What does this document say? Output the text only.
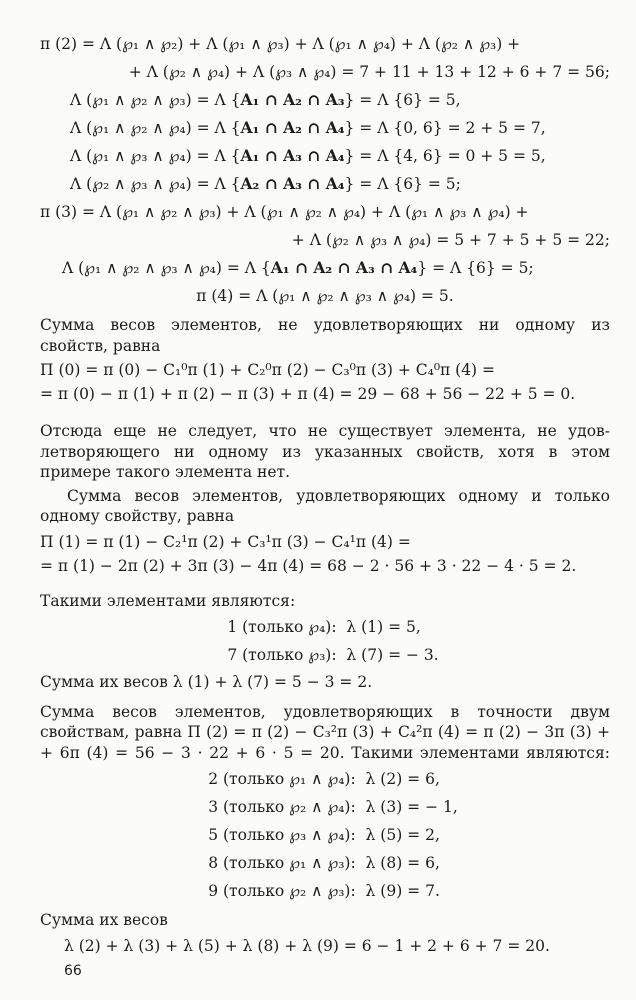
π (2) = Λ (℘₁ ∧ ℘₂) + Λ (℘₁ ∧ ℘₃) + Λ (℘₁ ∧ ℘₄) + Λ (℘₂ ∧ ℘₃) +
+ Λ (℘₂ ∧ ℘₄) + Λ (℘₃ ∧ ℘₄) = 7 + 11 + 13 + 12 + 6 + 7 = 56;
Λ (℘₁ ∧ ℘₂ ∧ ℘₃) = Λ {A₁ ∩ A₂ ∩ A₃} = Λ {6} = 5,
Λ (℘₁ ∧ ℘₂ ∧ ℘₄) = Λ {A₁ ∩ A₂ ∩ A₄} = Λ {0, 6} = 2 + 5 = 7,
Λ (℘₁ ∧ ℘₃ ∧ ℘₄) = Λ {A₁ ∩ A₃ ∩ A₄} = Λ {4, 6} = 0 + 5 = 5,
Λ (℘₂ ∧ ℘₃ ∧ ℘₄) = Λ {A₂ ∩ A₃ ∩ A₄} = Λ {6} = 5;
π (3) = Λ (℘₁ ∧ ℘₂ ∧ ℘₃) + Λ (℘₁ ∧ ℘₂ ∧ ℘₄) + Λ (℘₁ ∧ ℘₃ ∧ ℘₄) +
+ Λ (℘₂ ∧ ℘₃ ∧ ℘₄) = 5 + 7 + 5 + 5 = 22;
Λ (℘₁ ∧ ℘₂ ∧ ℘₃ ∧ ℘₄) = Λ {A₁ ∩ A₂ ∩ A₃ ∩ A₄} = Λ {6} = 5;
π (4) = Λ (℘₁ ∧ ℘₂ ∧ ℘₃ ∧ ℘₄) = 5.
Сумма весов элементов, не удовлетворяющих ни одному из
свойств, равна
П (0) = π (0) − C₁⁰π (1) + C₂⁰π (2) − C₃⁰π (3) + C₄⁰π (4) =
= π (0) − π (1) + π (2) − π (3) + π (4) = 29 − 68 + 56 − 22 + 5 = 0.
Отсюда еще не следует, что не существует элемента, не удов-
летворяющего ни одному из указанных свойств, хотя в этом
примере такого элемента нет.
Сумма весов элементов, удовлетворяющих одному и только
одному свойству, равна
П (1) = π (1) − C₂¹π (2) + C₃¹π (3) − C₄¹π (4) =
= π (1) − 2π (2) + 3π (3) − 4π (4) = 68 − 2 · 56 + 3 · 22 − 4 · 5 = 2.
Такими элементами являются:
1 (только ℘₄):  λ (1) = 5,
7 (только ℘₃):  λ (7) = − 3.
Сумма их весов λ (1) + λ (7) = 5 − 3 = 2.
Сумма весов элементов, удовлетворяющих в точности двум
свойствам, равна П (2) = π (2) − C₃²π (3) + C₄²π (4) = π (2) − 3π (3) +
+ 6π (4) = 56 − 3 · 22 + 6 · 5 = 20. Такими элементами являются:
2 (только ℘₁ ∧ ℘₄):  λ (2) = 6,
3 (только ℘₂ ∧ ℘₄):  λ (3) = − 1,
5 (только ℘₃ ∧ ℘₄):  λ (5) = 2,
8 (только ℘₁ ∧ ℘₃):  λ (8) = 6,
9 (только ℘₂ ∧ ℘₃):  λ (9) = 7.
Сумма их весов
λ (2) + λ (3) + λ (5) + λ (8) + λ (9) = 6 − 1 + 2 + 6 + 7 = 20.
66
